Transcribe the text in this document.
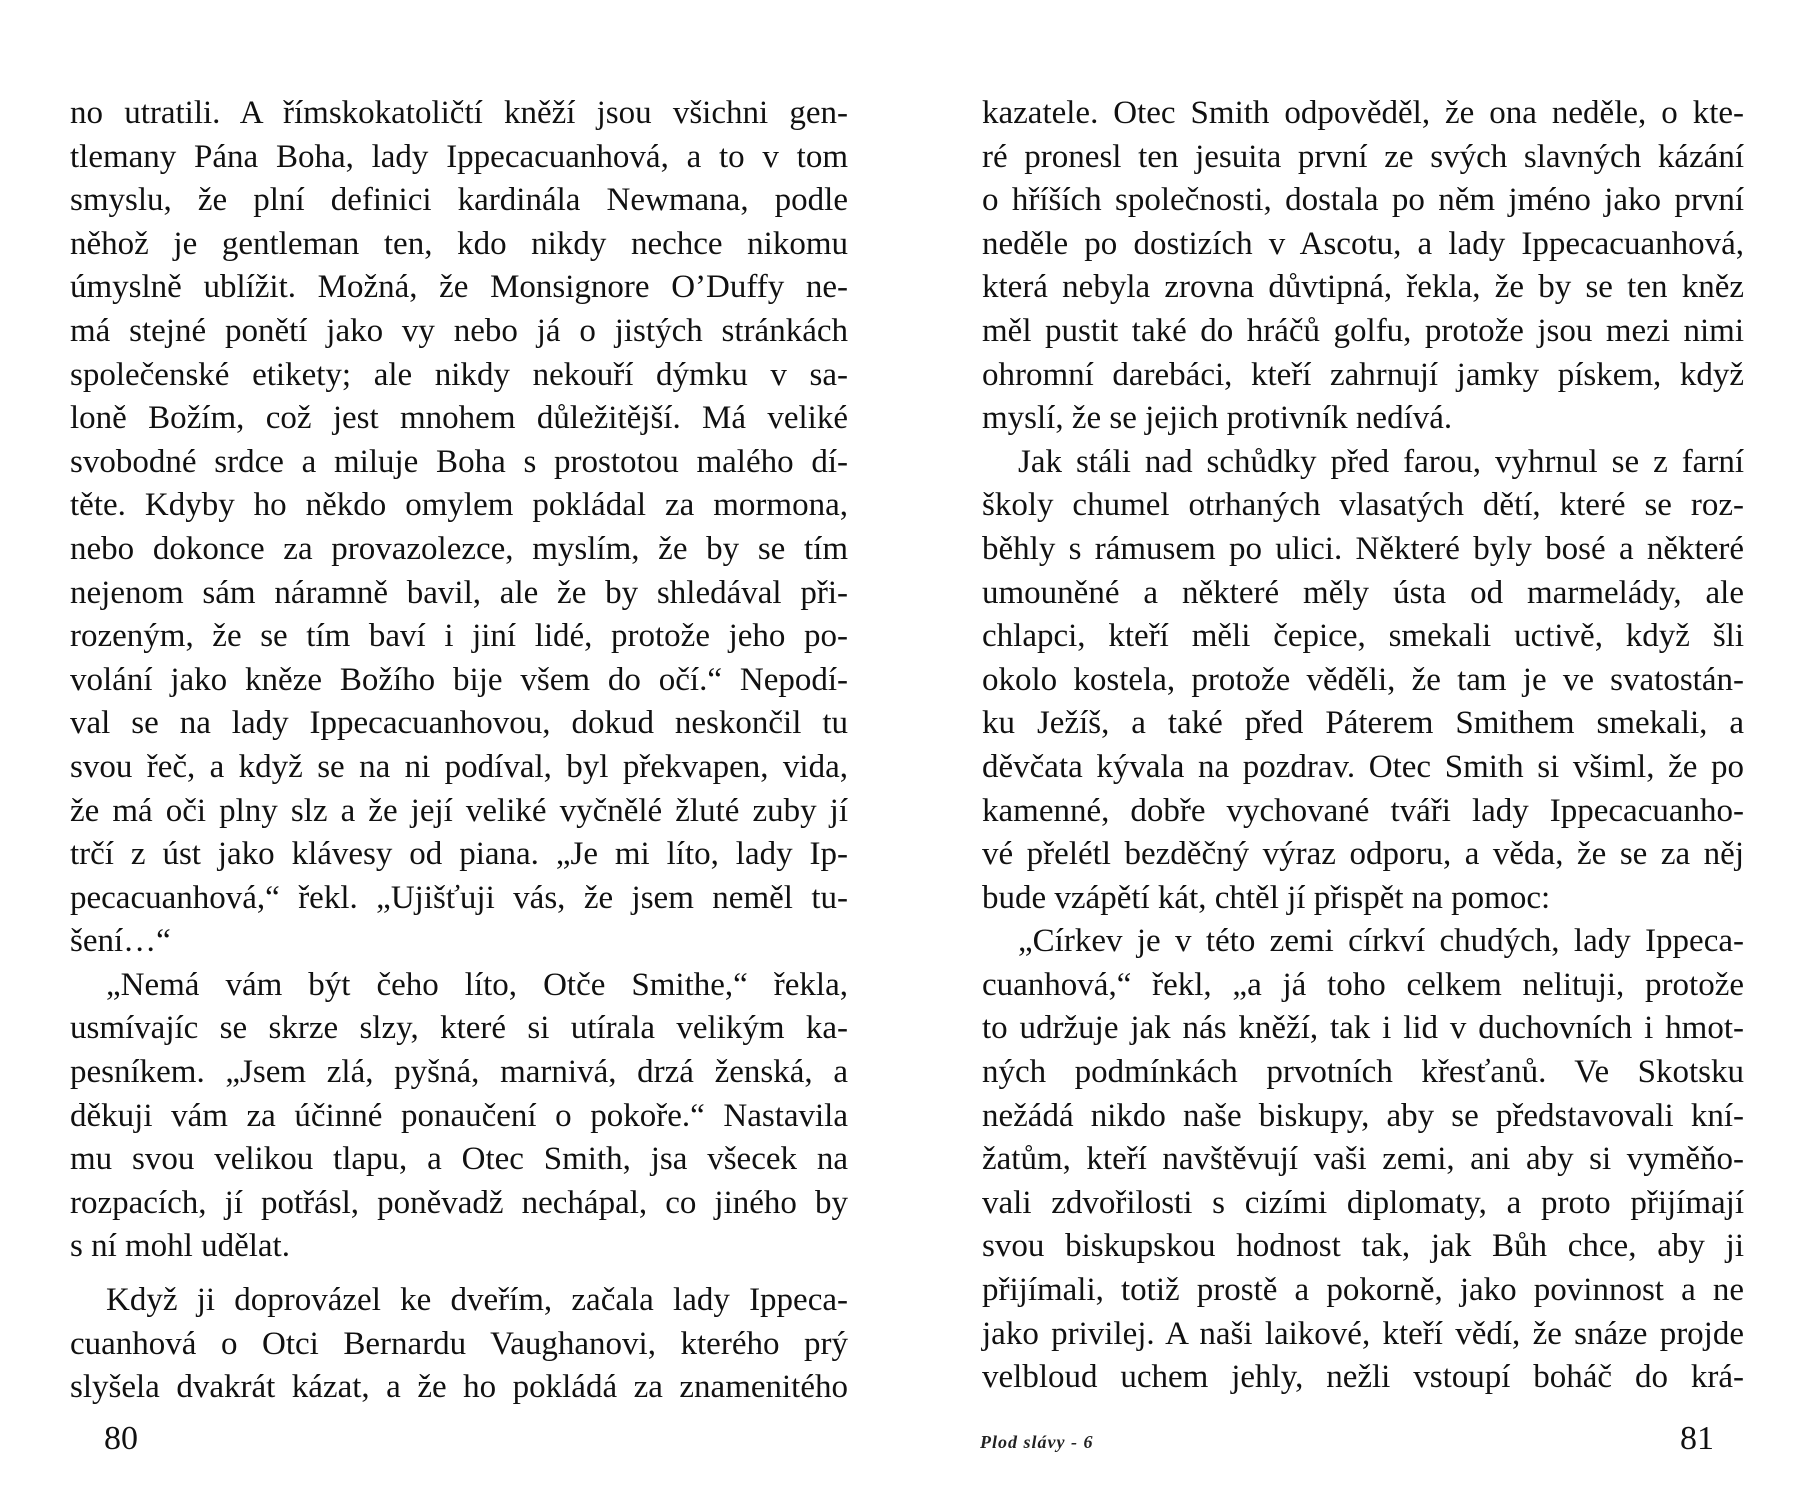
no utratili. A římskokatoličtí kněží jsou všichni gen-
tlemany Pána Boha, lady Ippecacuanhová, a to v tom
smyslu, že plní definici kardinála Newmana, podle
něhož je gentleman ten, kdo nikdy nechce nikomu
úmyslně ublížit. Možná, že Monsignore O’Duffy ne-
má stejné ponětí jako vy nebo já o jistých stránkách
společenské etikety; ale nikdy nekouří dýmku v sa-
loně Božím, což jest mnohem důležitější. Má veliké
svobodné srdce a miluje Boha s prostotou malého dí-
těte. Kdyby ho někdo omylem pokládal za mormona,
nebo dokonce za provazolezce, myslím, že by se tím
nejenom sám náramně bavil, ale že by shledával při-
rozeným, že se tím baví i jiní lidé, protože jeho po-
volání jako kněze Božího bije všem do očí.“ Nepodí-
val se na lady Ippecacuanhovou, dokud neskončil tu
svou řeč, a když se na ni podíval, byl překvapen, vida,
že má oči plny slz a že její veliké vyčnělé žluté zuby jí
trčí z úst jako klávesy od piana. „Je mi líto, lady Ip-
pecacuanhová,“ řekl. „Ujišťuji vás, že jsem neměl tu-
šení…“
„Nemá vám být čeho líto, Otče Smithe,“ řekla,
usmívajíc se skrze slzy, které si utírala velikým ka-
pesníkem. „Jsem zlá, pyšná, marnivá, drzá ženská, a
děkuji vám za účinné ponaučení o pokoře.“ Nastavila
mu svou velikou tlapu, a Otec Smith, jsa všecek na
rozpacích, jí potřásl, poněvadž nechápal, co jiného by
s ní mohl udělat.
Když ji doprovázel ke dveřím, začala lady Ippeca-
cuanhová o Otci Bernardu Vaughanovi, kterého prý
slyšela dvakrát kázat, a že ho pokládá za znamenitého
80
kazatele. Otec Smith odpověděl, že ona neděle, o kte-
ré pronesl ten jesuita první ze svých slavných kázání
o hříších společnosti, dostala po něm jméno jako první
neděle po dostizích v Ascotu, a lady Ippecacuanhová,
která nebyla zrovna důvtipná, řekla, že by se ten kněz
měl pustit také do hráčů golfu, protože jsou mezi nimi
ohromní darebáci, kteří zahrnují jamky pískem, když
myslí, že se jejich protivník nedívá.
Jak stáli nad schůdky před farou, vyhrnul se z farní
školy chumel otrhaných vlasatých dětí, které se roz-
běhly s rámusem po ulici. Některé byly bosé a některé
umouněné a některé měly ústa od marmelády, ale
chlapci, kteří měli čepice, smekali uctivě, když šli
okolo kostela, protože věděli, že tam je ve svatostán-
ku Ježíš, a také před Páterem Smithem smekali, a
děvčata kývala na pozdrav. Otec Smith si všiml, že po
kamenné, dobře vychované tváři lady Ippecacuanho-
vé přelétl bezděčný výraz odporu, a věda, že se za něj
bude vzápětí kát, chtěl jí přispět na pomoc:
„Církev je v této zemi církví chudých, lady Ippeca-
cuanhová,“ řekl, „a já toho celkem nelituji, protože
to udržuje jak nás kněží, tak i lid v duchovních i hmot-
ných podmínkách prvotních křesťanů. Ve Skotsku
nežádá nikdo naše biskupy, aby se představovali kní-
žatům, kteří navštěvují vaši zemi, ani aby si vyměňo-
vali zdvořilosti s cizími diplomaty, a proto přijímají
svou biskupskou hodnost tak, jak Bůh chce, aby ji
přijímali, totiž prostě a pokorně, jako povinnost a ne
jako privilej. A naši laikové, kteří vědí, že snáze projde
velbloud uchem jehly, nežli vstoupí boháč do krá-
Plod slávy - 6	81
